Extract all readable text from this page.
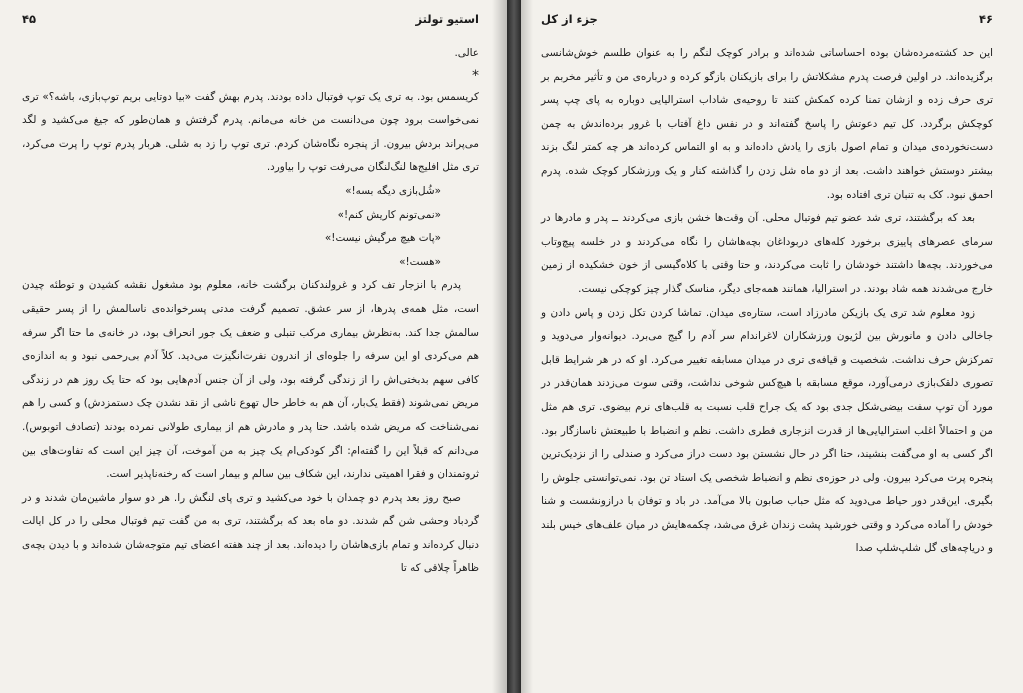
استیو تولتز
۴۵

عالی.

*

کریسمس بود. به تری یک توپ فوتبال داده بودند. پدرم بهش گفت «بیا دوتایی بریم توپ‌بازی، باشه؟» تری نمی‌خواست برود چون می‌دانست من خانه می‌مانم. پدرم گرفتش و همان‌طور که جیغ می‌کشید و لگد می‌پراند بردش بیرون. از پنجره نگاه‌شان کردم. تری توپ را زد به شلی. هربار پدرم توپ را پرت می‌کرد، تری مثل افلیج‌ها لنگ‌لنگان می‌رفت توپ را بیاورد.

«شُل‌بازی دیگه بسه!»

«نمی‌تونم کاریش کنم!»

«پات هیچ مرگیش نیست!»

«هست!»

پدرم با انزجار تف کرد و غرولندکنان برگشت خانه، معلوم بود مشغول نقشه کشیدن و توطئه چیدن است، مثل همه‌ی پدرها، از سر عشق. تصمیم گرفت مدتی پسرخوانده‌ی ناسالمش را از پسر حقیقی سالمش جدا کند. به‌نظرش بیماری مرکب تنبلی و ضعف یک جور انحراف بود، در خانه‌ی ما حتا اگر سرفه هم می‌کردی او این سرفه را جلوه‌ای از اندرون نفرت‌انگیزت می‌دید. کلاً آدم بی‌رحمی نبود و به اندازه‌ی کافی سهم بدبختی‌اش را از زندگی گرفته بود، ولی از آن جنس آدم‌هایی بود که حتا یک روز هم در زندگی مریض نمی‌شوند (فقط یک‌بار، آن هم به خاطر حال تهوع ناشی از نقد نشدن چک دستمزدش) و کسی را هم نمی‌شناخت که مریض شده باشد. حتا پدر و مادرش هم از بیماری طولانی نمرده بودند (تصادف اتوبوس). می‌دانم که قبلاً این را گفته‌ام: اگر کودکی‌ام یک چیز به من آموخت، آن چیز این است که تفاوت‌های بین ثروتمندان و فقرا اهمیتی ندارند، این شکاف بین سالم و بیمار است که رخنه‌ناپذیر است.

صبح روز بعد پدرم دو چمدان با خود می‌کشید و تری پای لنگش را. هر دو سوار ماشین‌مان شدند و در گردباد وحشی شن گم شدند. دو ماه بعد که برگشتند، تری به من گفت تیم فوتبال محلی را در کل ایالت دنبال کرده‌اند و تمام بازی‌هاشان را دیده‌اند. بعد از چند هفته اعضای تیم متوجه‌شان شده‌اند و با دیدن بچه‌ی ظاهراً چلاقی که تا

۴۶
جزء از کل

این حد کشته‌مرده‌شان بوده احساساتی شده‌اند و برادر کوچک لنگم را به عنوان طلسم خوش‌شانسی برگزیده‌اند. در اولین فرصت پدرم مشکلاتش را برای بازیکنان بازگو کرده و درباره‌ی من و تأثیر مخربم بر تری حرف زده و ازشان تمنا کرده کمکش کنند تا روحیه‌ی شاداب استرالیایی دوباره به پای چپ پسر کوچکش برگردد. کل تیم دعوتش را پاسخ گفته‌اند و در نفس داغ آفتاب با غرور برده‌اندش به چمن دست‌نخورده‌ی میدان و تمام اصول بازی را یادش داده‌اند و به او التماس کرده‌اند هر چه کمتر لنگ بزند بیشتر دوستش خواهند داشت. بعد از دو ماه شل زدن را گذاشته کنار و یک ورزشکار کوچک شده. پدرم احمق نبود. کک به تنبان تری افتاده بود.

بعد که برگشتند، تری شد عضو تیم فوتبال محلی. آن وقت‌ها خشن بازی می‌کردند ــ پدر و مادرها در سرمای عصرهای پاییزی برخورد کله‌های دربوداغان بچه‌هاشان را نگاه می‌کردند و در خلسه پیچ‌وتاب می‌خوردند. بچه‌ها داشتند خودشان را ثابت می‌کردند، و حتا وقتی با کلاه‌گیسی از خون خشکیده از زمین خارج می‌شدند همه شاد بودند. در استرالیا، همانند همه‌جای دیگر، مناسک گذار چیز کوچکی نیست.

زود معلوم شد تری یک بازیکن مادرزاد است، ستاره‌ی میدان. تماشا کردن تکل زدن و پاس دادن و جاخالی دادن و مانورش بین لژیون ورزشکاران لاغراندام سر آدم را گیج می‌برد. دیوانه‌وار می‌دوید و تمرکزش حرف نداشت. شخصیت و قیافه‌ی تری در میدان مسابقه تغییر می‌کرد. او که در هر شرایط قابل تصوری دلقک‌بازی درمی‌آورد، موقع مسابقه با هیچ‌کس شوخی نداشت، وقتی سوت می‌زدند همان‌قدر در مورد آن توپ سفت بیضی‌شکل جدی بود که یک جراح قلب نسبت به قلب‌های نرم بیضوی. تری هم مثل من و احتمالاً اغلب استرالیایی‌ها از قدرت انزجاری فطری داشت. نظم و انضباط با طبیعتش ناسازگار بود. اگر کسی به او می‌گفت بنشیند، حتا اگر در حال نشستن بود دست دراز می‌کرد و صندلی را از نزدیک‌ترین پنجره پرت می‌کرد بیرون. ولی در حوزه‌ی نظم و انضباط شخصی یک استاد تن بود. نمی‌توانستی جلوش را بگیری. این‌قدر دور حیاط می‌دوید که مثل حباب صابون بالا می‌آمد. در باد و توفان با درازونشست و شنا خودش را آماده می‌کرد و وقتی خورشید پشت زندان غرق می‌شد، چکمه‌هایش در میان علف‌های خیس بلند و دریاچه‌های گل شلپ‌شلپ صدا
